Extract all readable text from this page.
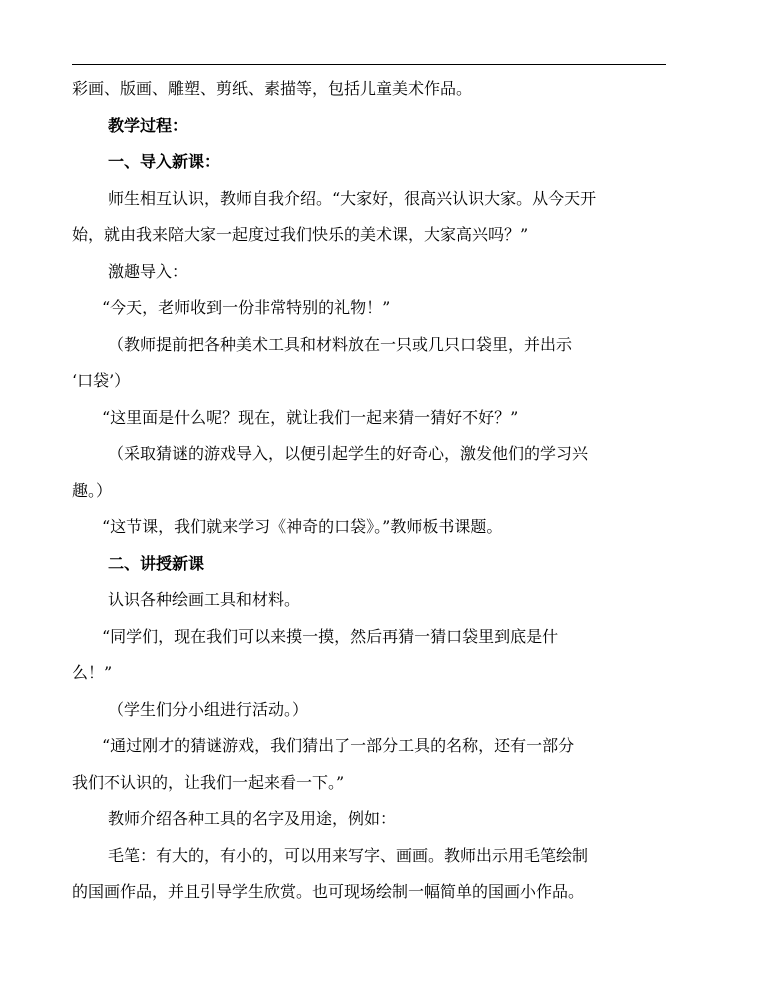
彩画、版画、雕塑、剪纸、素描等，包括儿童美术作品。

教学过程：

一、导入新课：

师生相互认识，教师自我介绍。“大家好，很高兴认识大家。从今天开

始，就由我来陪大家一起度过我们快乐的美术课，大家高兴吗？”

激趣导入：

“今天，老师收到一份非常特别的礼物！”

（教师提前把各种美术工具和材料放在一只或几只口袋里，并出示

‘口袋’）

“这里面是什么呢？现在，就让我们一起来猜一猜好不好？”

（采取猜谜的游戏导入，以便引起学生的好奇心，激发他们的学习兴

趣。）

“这节课，我们就来学习《神奇的口袋》。”教师板书课题。

二、讲授新课

认识各种绘画工具和材料。

“同学们，现在我们可以来摸一摸，然后再猜一猜口袋里到底是什

么！”

（学生们分小组进行活动。）

“通过刚才的猜谜游戏，我们猜出了一部分工具的名称，还有一部分

我们不认识的，让我们一起来看一下。”

教师介绍各种工具的名字及用途，例如：

毛笔：有大的，有小的，可以用来写字、画画。教师出示用毛笔绘制

的国画作品，并且引导学生欣赏。也可现场绘制一幅简单的国画小作品。
